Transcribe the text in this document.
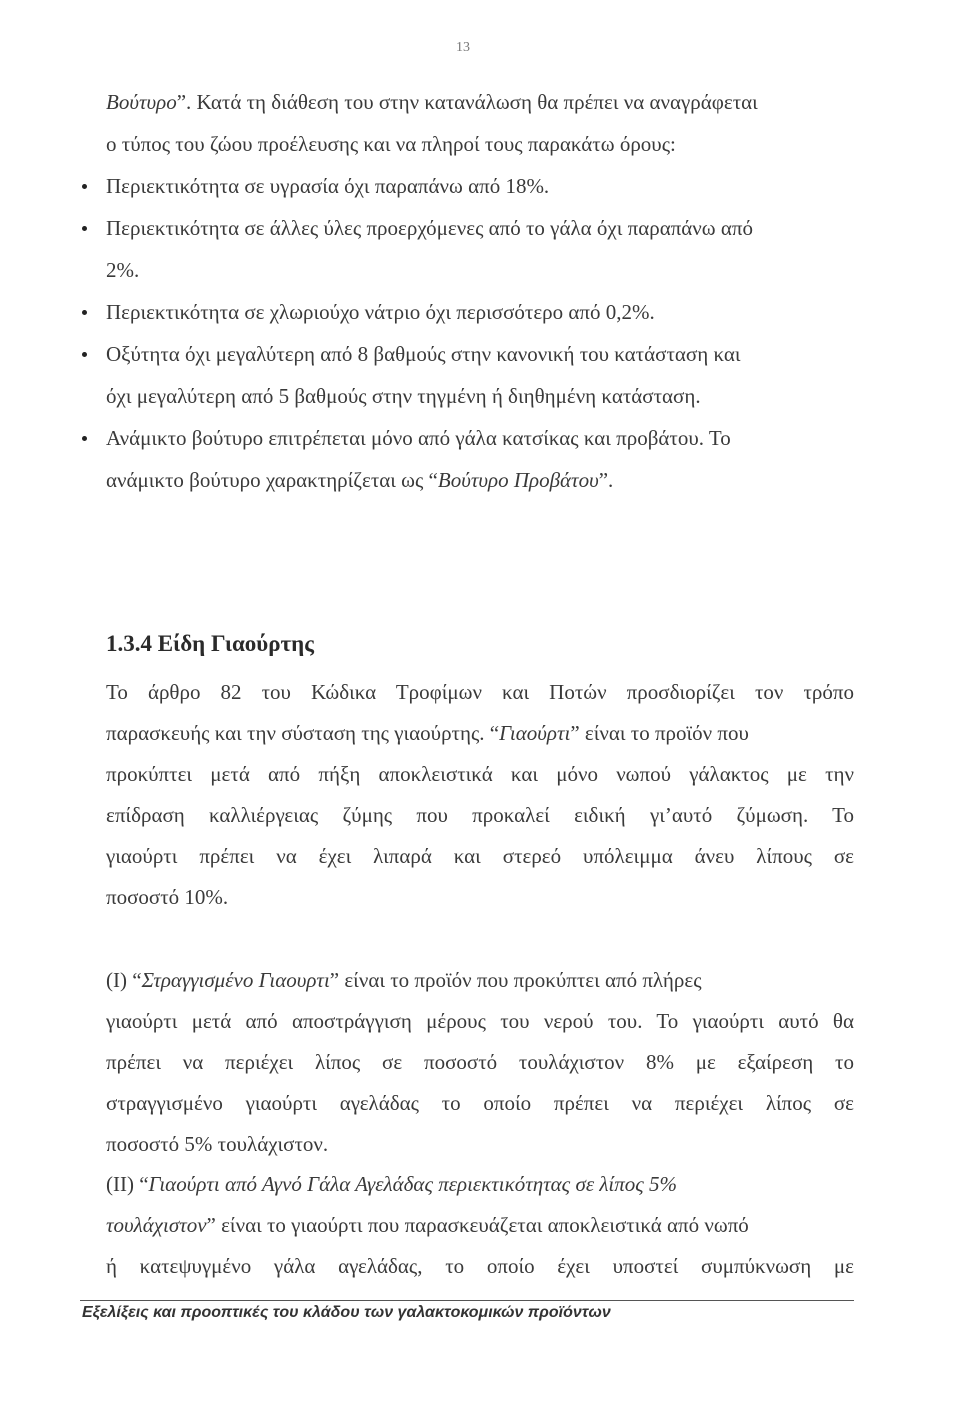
13
Βούτυρο”. Κατά τη διάθεση του στην κατανάλωση θα πρέπει να αναγράφεται
ο τύπος του ζώου προέλευσης και να πληροί τους παρακάτω όρους:
Περιεκτικότητα σε υγρασία όχι παραπάνω από 18%.
Περιεκτικότητα σε άλλες ύλες προερχόμενες από το γάλα όχι παραπάνω από
2%.
Περιεκτικότητα σε χλωριούχο νάτριο όχι περισσότερο από 0,2%.
Οξύτητα όχι μεγαλύτερη από 8 βαθμούς στην κανονική του κατάσταση και
όχι μεγαλύτερη από 5 βαθμούς στην τηγμένη ή διηθημένη κατάσταση.
Ανάμικτο βούτυρο επιτρέπεται μόνο από γάλα κατσίκας και προβάτου. Το
ανάμικτο βούτυρο χαρακτηρίζεται ως “Βούτυρο Προβάτου”.
1.3.4 Είδη Γιαούρτης
Το άρθρο 82 του Κώδικα Τροφίμων και Ποτών προσδιορίζει τον τρόπο
παρασκευής και την σύσταση της γιαούρτης. “Γιαούρτι” είναι το προϊόν που
προκύπτει μετά από πήξη αποκλειστικά και μόνο νωπού γάλακτος με την
επίδραση καλλιέργειας ζύμης που προκαλεί ειδική γι’αυτό ζύμωση. Το
γιαούρτι πρέπει να έχει λιπαρά και στερεό υπόλειμμα άνευ λίπους σε
ποσοστό 10%.
(Ι) “Στραγγισμένο Γιαουρτι” είναι το προϊόν που προκύπτει από πλήρες
γιαούρτι μετά από αποστράγγιση μέρους του νερού του. Το γιαούρτι αυτό θα
πρέπει να περιέχει λίπος σε ποσοστό τουλάχιστον 8% με εξαίρεση το
στραγγισμένο γιαούρτι αγελάδας το οποίο πρέπει να περιέχει λίπος σε
ποσοστό 5% τουλάχιστον.
(ΙΙ) “Γιαούρτι από Αγνό Γάλα Αγελάδας περιεκτικότητας σε λίπος 5%
τουλάχιστον” είναι το γιαούρτι που παρασκευάζεται αποκλειστικά από νωπό
ή κατεψυγμένο γάλα αγελάδας, το οποίο έχει υποστεί συμπύκνωση με
Εξελίξεις και προοπτικές του κλάδου των γαλακτοκομικών προϊόντων
